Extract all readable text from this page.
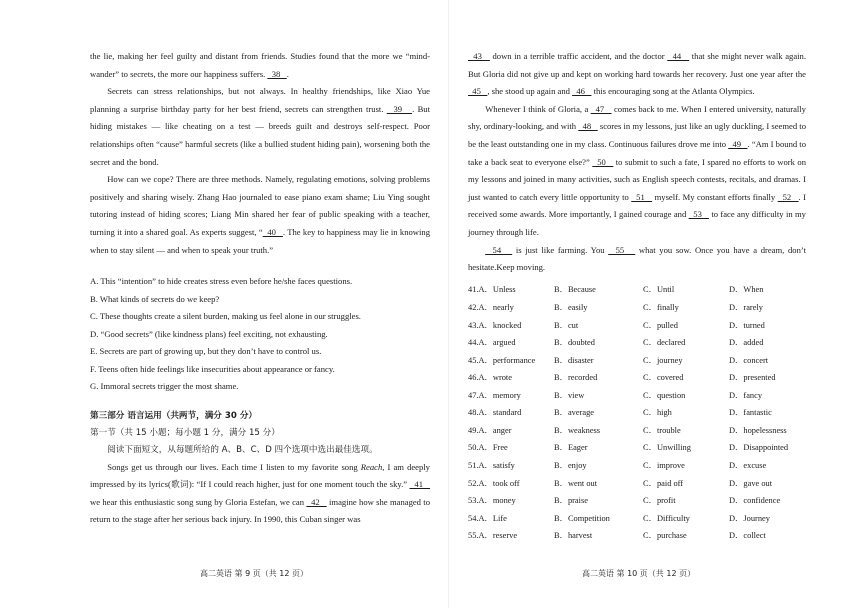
the lie, making her feel guilty and distant from friends. Studies found that the more we “mind-wander” to secrets, the more our happiness suffers.   38   .

Secrets can stress relationships, but not always. In healthy friendships, like Xiao Yue planning a surprise birthday party for her best friend, secrets can strengthen trust.   39   . But hiding mistakes — like cheating on a test — breeds guilt and destroys self-respect. Poor relationships often “cause” harmful secrets (like a bullied student hiding pain), worsening both the secret and the bond.

How can we cope? There are three methods. Namely, regulating emotions, solving problems positively and sharing wisely. Zhang Hao journaled to ease piano exam shame; Liu Ying sought tutoring instead of hiding scores; Liang Min shared her fear of public speaking with a teacher, turning it into a shared goal. As experts suggest, “  40   . The key to happiness may lie in knowing when to stay silent — and when to speak your truth.”

A. This “intention” to hide creates stress even before he/she faces questions.

B. What kinds of secrets do we keep?

C. These thoughts create a silent burden, making us feel alone in our struggles.

D. “Good secrets” (like kindness plans) feel exciting, not exhausting.

E. Secrets are part of growing up, but they don’t have to control us.

F. Teens often hide feelings like insecurities about appearance or fancy.

G. Immoral secrets trigger the most shame.

第三部分 语言运用（共两节，满分 30 分）

第一节（共 15 小题；每小题 1 分，满分 15 分）

阅读下面短文，从每题所给的 A、B、C、D 四个选项中选出最佳选项。

Songs get us through our lives. Each time I listen to my favorite song Reach, I am deeply impressed by its lyrics(歌词): “If I could reach higher, just for one moment touch the sky.”   41    we hear this enthusiastic song sung by Gloria Estefan, we can   42    imagine how she managed to return to the stage after her serious back injury. In 1990, this Cuban singer was

43    down in a terrible traffic accident, and the doctor   44    that she might never walk again. But Gloria did not give up and kept on working hard towards her recovery. Just one year after the   45   , she stood up again and   46    this encouraging song at the Atlanta Olympics.

Whenever I think of Gloria, a   47    comes back to me. When I entered university, naturally shy, ordinary-looking, and with   48    scores in my lessons, just like an ugly duckling, I seemed to be the least outstanding one in my class. Continuous failures drove me into   49   . “Am I bound to take a back seat to everyone else?”   50    to submit to such a fate, I spared no efforts to work on my lessons and joined in many activities, such as English speech contests, recitals, and dramas. I just wanted to catch every little opportunity to   51    myself. My constant efforts finally   52   . I received some awards. More importantly, I gained courage and   53    to face any difficulty in my journey through life.

54    is just like farming. You   55    what you sow. Once you have a dream, don’t hesitate.Keep moving.

41.A．Unless	B．Because	C．Until	D．When
42.A．nearly	B．easily	C．finally	D．rarely
43.A．knocked	B．cut	C．pulled	D．turned
44.A．argued	B．doubted	C．declared	D．added
45.A．performance	B．disaster	C．journey	D．concert
46.A．wrote	B．recorded	C．covered	D．presented
47.A．memory	B．view	C．question	D．fancy
48.A．standard	B．average	C．high	D．fantastic
49.A．anger	B．weakness	C．trouble	D．hopelessness
50.A．Free	B．Eager	C．Unwilling	D．Disappointed
51.A．satisfy	B．enjoy	C．improve	D．excuse
52.A．took off	B．went out	C．paid off	D．gave out
53.A．money	B．praise	C．profit	D．confidence
54.A．Life	B．Competition	C．Difficulty	D．Journey
55.A．reserve	B．harvest	C．purchase	D．collect
高二英语 第 9 页（共 12 页）	高二英语 第 10 页（共 12 页）
